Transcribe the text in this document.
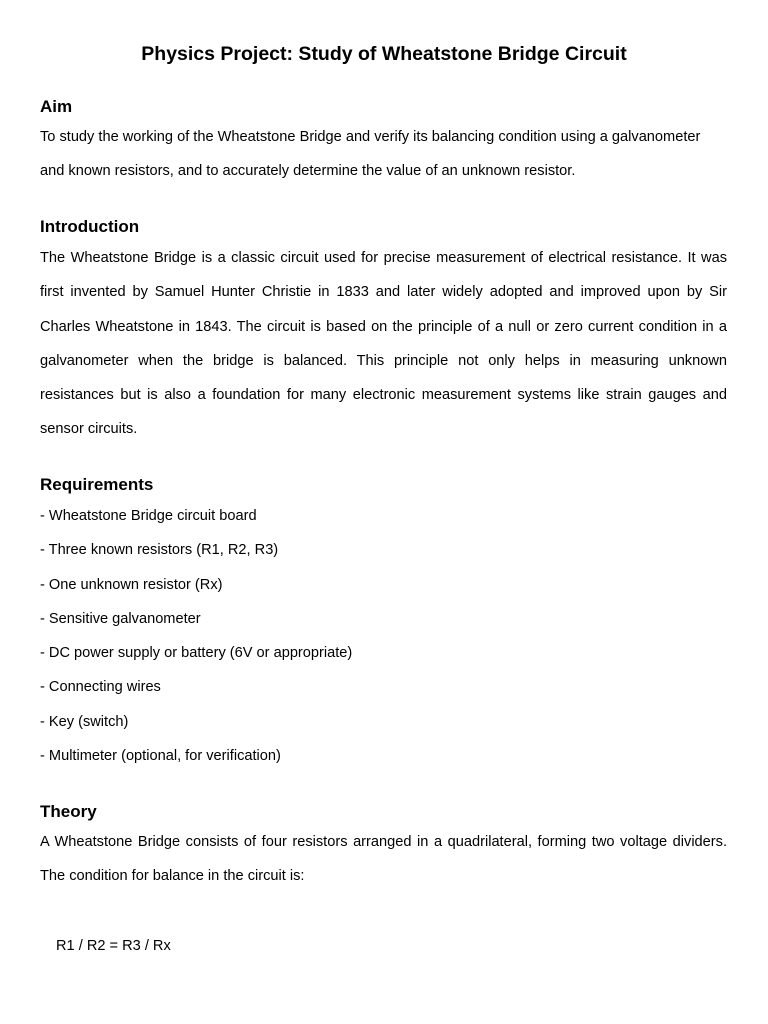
Physics Project: Study of Wheatstone Bridge Circuit
Aim

To study the working of the Wheatstone Bridge and verify its balancing condition using a galvanometer and known resistors, and to accurately determine the value of an unknown resistor.

Introduction

The Wheatstone Bridge is a classic circuit used for precise measurement of electrical resistance. It was first invented by Samuel Hunter Christie in 1833 and later widely adopted and improved upon by Sir Charles Wheatstone in 1843. The circuit is based on the principle of a null or zero current condition in a galvanometer when the bridge is balanced. This principle not only helps in measuring unknown resistances but is also a foundation for many electronic measurement systems like strain gauges and sensor circuits.

Requirements
- Wheatstone Bridge circuit board
- Three known resistors (R1, R2, R3)
- One unknown resistor (Rx)
- Sensitive galvanometer
- DC power supply or battery (6V or appropriate)
- Connecting wires
- Key (switch)
- Multimeter (optional, for verification)
Theory

A Wheatstone Bridge consists of four resistors arranged in a quadrilateral, forming two voltage dividers. The condition for balance in the circuit is:

R1 / R2 = R3 / Rx
